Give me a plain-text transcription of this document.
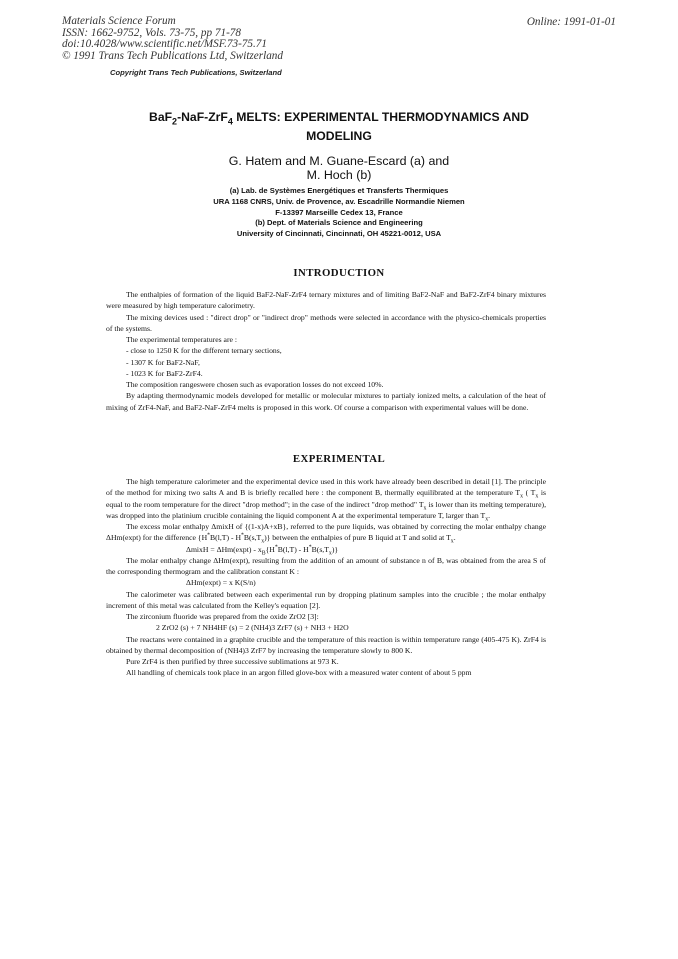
Materials Science Forum
ISSN: 1662-9752, Vols. 73-75, pp 71-78
doi:10.4028/www.scientific.net/MSF.73-75.71
© 1991 Trans Tech Publications Ltd, Switzerland
Online: 1991-01-01
Copyright Trans Tech Publications, Switzerland
BaF$_2$-NaF-ZrF$_4$ MELTS: EXPERIMENTAL THERMODYNAMICS AND
MODELING
G. Hatem and M. Guane-Escard (a) and
M. Hoch (b)
(a) Lab. de Systèmes Energétiques et Transferts Thermiques
URA 1168 CNRS, Univ. de Provence, av. Escadrille Normandie Niemen
F-13397 Marseille Cedex 13, France
(b) Dept. of Materials Science and Engineering
University of Cincinnati, Cincinnati, OH 45221-0012, USA
INTRODUCTION

The enthalpies of formation of the liquid BaF2-NaF-ZrF4 ternary mixtures and of limiting BaF2-NaF and BaF2-ZrF4 binary mixtures were measured by high temperature calorimetry.

The mixing devices used : "direct drop" or "indirect drop" methods were selected in accordance with the physico-chemicals properties of the systems.

The experimental temperatures are :

- close to 1250 K for the different ternary sections,

- 1307 K for BaF2-NaF,

- 1023 K for BaF2-ZrF4.

The composition rangeswere chosen such as evaporation losses do not exceed 10%.

By adapting thermodynamic models developed for metallic or molecular mixtures to partialy ionized melts, a calculation of the heat of mixing of ZrF4-NaF, and BaF2-NaF-ZrF4 melts is proposed in this work. Of course a comparison with experimental values will be done.

EXPERIMENTAL

The high temperature calorimeter and the experimental device used in this work have already been described in detail [1]. The principle of the method for mixing two salts A and B is briefly recalled here : the component B, thermally equilibrated at the temperature $T_x$ ( $T_x$ is equal to the room temperature for the direct "drop method"; in the case of the indirect "drop method" $T_x$ is lower than its melting temperature), was dropped into the platinium crucible containing the liquid component A at the experimental temperature T, larger than $T_x$.

The excess molar enthalpy ΔmixH of {(1-x)A+xB}, referred to the pure liquids, was obtained by correcting the molar enthalpy change ΔHm(expt) for the difference $\{H^*B(l,T) - H^*B(s,T_x)\}$ between the enthalpies of pure B liquid at T and solid at $T_x$.

ΔmixH = $\Delta Hm(\exp t) - x_B\{H^*B(l,T) - H^*B(s,T_x)\}$

The molar enthalpy change ΔHm(expt), resulting from the addition of an amount of substance n of B, was obtained from the area S of the corresponding thermogram and the calibration constant K :

ΔHm(expt) = x K(S/n)

The calorimeter was calibrated between each experimental run by dropping platinum samples into the crucible ; the molar enthalpy increment of this metal was calculated from the Kelley's equation [2].

The zirconium fluoride was prepared from the oxide ZrO2 [3]:

2 ZrO2 (s) + 7 NH4HF (s) = 2 (NH4)3 ZrF7 (s) + NH3 + H2O

The reactans were contained in a graphite crucible and the temperature of this reaction is within temperature range (405-475 K). ZrF4 is obtained by thermal decomposition of (NH4)3 ZrF7 by increasing the temperature slowly to 800 K.

Pure ZrF4 is then purified by three successive sublimations at 973 K.

All handling of chemicals took place in an argon filled glove-box with a measured water content of about 5 ppm
